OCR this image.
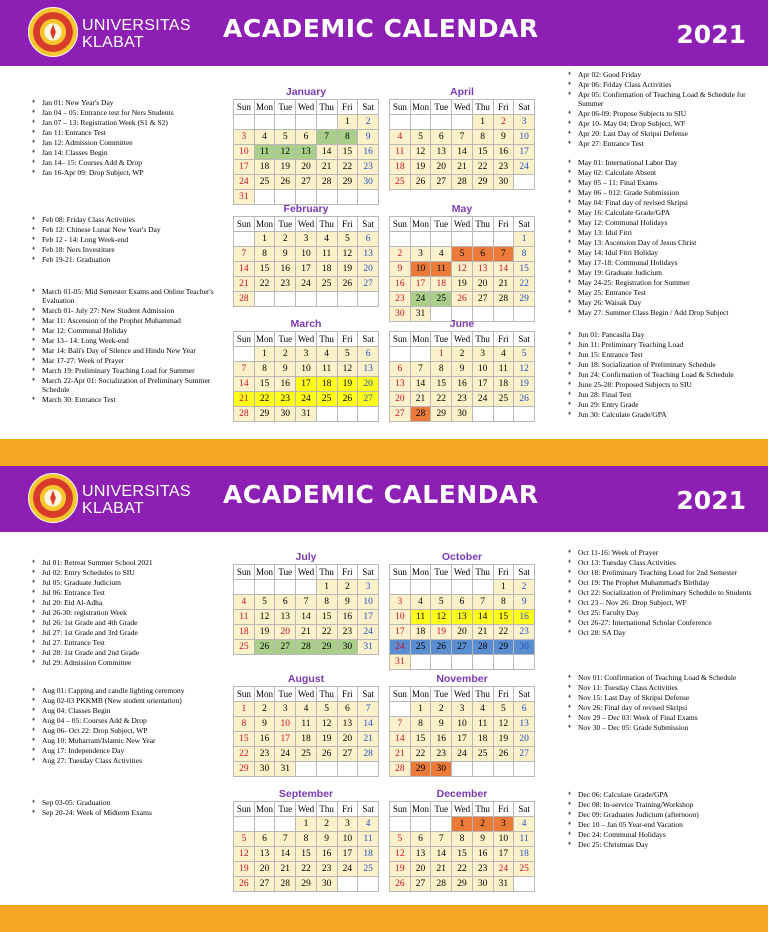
UNIVERSITAS
KLABAT	ACADEMIC CALENDAR	2021
♦ Jan 01: New Year's Day
♦ Jan 04 – 05: Entrance test for Ners Students
♦ Jan 07 – 13: Registration Week (S1 & S2)
♦ Jan 11: Entrance Test
♦ Jan 12: Admission Committee
♦ Jan 14: Classes Begin
♦ Jan 14– 15: Courses Add & Drop
♦ Jan 16-Apr 09: Drop Subject, WP
♦ Feb 08: Friday Class Activities
♦ Feb 12: Chinese Lunar New Year's Day
♦ Feb 12 - 14: Long Week-end
♦ Feb 18: Ners Investiture
♦ Feb 19-21: Graduation
♦ March 01-05: Mid Semester Exams and Online Teacher's Evaluation
♦ March 01- July 27: New Student Admission
♦ Mar 11: Ascension of the Prophet Muhammad
♦ Mar 12: Communal Holiday
♦ Mar 13– 14: Long Week-end
♦ Mar 14: Bali's Day of Silence and Hindu New Year
♦ Mar 17-27: Week of Prayer
♦ March 19: Preliminary Teaching Load for Summer
♦ March 22-Apr 01: Socialization of Preliminary Summer Schedule
♦ March 30: Entrance Test
♦ Apr 02: Good Friday
♦ Apr 06: Friday Class Activities
♦ Apr 05: Confirmation of Teaching Load & Schedule for Summer
♦ Apr 06-09: Propose Subjects to SIU
♦ Apr 10- May 04: Drop Subject, WF
♦ Apr 20: Last Day of Skripsi Defense
♦ Apr 27: Entrance Test
♦ May 01: International Labor Day
♦ May 02: Calculate Absent
♦ May 05 – 11: Final Exams
♦ May 06 – 012: Grade Submission
♦ May 04: Final day of revised Skripsi
♦ May 16: Calculate Grade/GPA
♦ May 12: Communal Holidays
♦ May 13: Idul Fitri
♦ May 13: Ascension Day of Jesus Christ
♦ May 14: Idul Fitri Holiday
♦ May 17-18: Communal Holidays
♦ May 19: Graduate Judicium
♦ May 24-25: Registration for Summer
♦ May 25: Entrance Test
♦ May 26: Waisak Day
♦ May 27: Summer Class Begin / Add Drop Subject
♦ Jun 01: Pancasila Day
♦ Jun 11: Preliminary Teaching Load
♦ Jun 15: Entrance Test
♦ Jun 18: Socialization of Preliminary Schedule
♦ Jun 24: Confirmation of Teaching Load & Schedule
♦ June 25-28: Proposed Subjects to SIU
♦ Jun 28: Final Test
♦ Jun 29: Entry Grade
♦ Jun 30: Calculate Grade/GPA
January
Sun	Mon	Tue	Wed	Thu	Fri	Sat
					1	2
3	4	5	6	7	8	9
10	11	12	13	14	15	16
17	18	19	20	21	22	23
24	25	26	27	28	29	30
31						
February
Sun	Mon	Tue	Wed	Thu	Fri	Sat
	1	2	3	4	5	6
7	8	9	10	11	12	13
14	15	16	17	18	19	20
21	22	23	24	25	26	27
28						
March
Sun	Mon	Tue	Wed	Thu	Fri	Sat
	1	2	3	4	5	6
7	8	9	10	11	12	13
14	15	16	17	18	19	20
21	22	23	24	25	26	27
28	29	30	31			
April
Sun	Mon	Tue	Wed	Thu	Fri	Sat
				1	2	3
4	5	6	7	8	9	10
11	12	13	14	15	16	17
18	19	20	21	22	23	24
25	26	27	28	29	30	
May
Sun	Mon	Tue	Wed	Thu	Fri	Sat
						1
2	3	4	5	6	7	8
9	10	11	12	13	14	15
16	17	18	19	20	21	22
23	24	25	26	27	28	29
30	31					
June
Sun	Mon	Tue	Wed	Thu	Fri	Sat
		1	2	3	4	5
6	7	8	9	10	11	12
13	14	15	16	17	18	19
20	21	22	23	24	25	26
27	28	29	30			
UNIVERSITAS
KLABAT	ACADEMIC CALENDAR	2021
♦ Jul 01: Retreat Summer School 2021
♦ Jul 02: Entry Schedules to SIU
♦ Jul 05: Graduate Judicium
♦ Jul 06: Entrance Test
♦ Jul 20: Eid Al-Adha
♦ Jul 26-30: registration Week
♦ Jul 26: 1st Grade and 4th Grade
♦ Jul 27: 1st Grade and 3rd Grade
♦ Jul 27: Entrance Test
♦ Jul 28: 1st Grade and 2nd Grade
♦ Jul 29: Admission Committee
♦ Aug 01: Capping and candle lighting ceremony
♦ Aug 02-03 PKKMB (New student orientation)
♦ Aug 04: Classes Begin
♦ Aug 04 – 05: Courses Add & Drop
♦ Aug 06- Oct 22: Drop Subject, WP
♦ Aug 10: Muharram/Islamic New Year
♦ Aug 17: Independence Day
♦ Aug 27: Tuesday Class Activities
♦ Sep 03-05: Graduation
♦ Sep 20-24: Week of Midterm Exams
♦ Oct 11-16: Week of Prayer
♦ Oct 13: Tuesday Class Activities
♦ Oct 18: Preliminary Teaching Load for 2nd Semester
♦ Oct 19: The Prophet Muhammad's Birthday
♦ Oct 22: Socialization of Preliminary Schedule to Students
♦ Oct 23 – Nov 26: Drop Subject, WF
♦ Oct 25: Faculty Day
♦ Oct 26-27: International Scholar Conference
♦ Oct 28: SA Day
♦ Nov 01: Confirmation of Teaching Load & Schedule
♦ Nov 11: Tuesday Class Activities
♦ Nov 15: Last Day of Skripsi Defense
♦ Nov 26: Final day of revised Skripsi
♦ Nov 29 – Dec 03: Week of Final Exams
♦ Nov 30 – Dec 05: Grade Submission
♦ Dec 06: Calculate Grade/GPA
♦ Dec 08: In-service Training/Workshop
♦ Dec 09: Graduates Judicium (afternoon)
♦ Dec 10 – Jan 05 Year-end Vacation
♦ Dec 24: Communal Holidays
♦ Dec 25: Christmas Day
July
Sun	Mon	Tue	Wed	Thu	Fri	Sat
				1	2	3
4	5	6	7	8	9	10
11	12	13	14	15	16	17
18	19	20	21	22	23	24
25	26	27	28	29	30	31
August
Sun	Mon	Tue	Wed	Thu	Fri	Sat
1	2	3	4	5	6	7
8	9	10	11	12	13	14
15	16	17	18	19	20	21
22	23	24	25	26	27	28
29	30	31				
September
Sun	Mon	Tue	Wed	Thu	Fri	Sat
			1	2	3	4
5	6	7	8	9	10	11
12	13	14	15	16	17	18
19	20	21	22	23	24	25
26	27	28	29	30		
October
Sun	Mon	Tue	Wed	Thu	Fri	Sat
					1	2
3	4	5	6	7	8	9
10	11	12	13	14	15	16
17	18	19	20	21	22	23
24	25	26	27	28	29	30
31						
November
Sun	Mon	Tue	Wed	Thu	Fri	Sat
	1	2	3	4	5	6
7	8	9	10	11	12	13
14	15	16	17	18	19	20
21	22	23	24	25	26	27
28	29	30				
December
Sun	Mon	Tue	Wed	Thu	Fri	Sat
			1	2	3	4
5	6	7	8	9	10	11
12	13	14	15	16	17	18
19	20	21	22	23	24	25
26	27	28	29	30	31	
